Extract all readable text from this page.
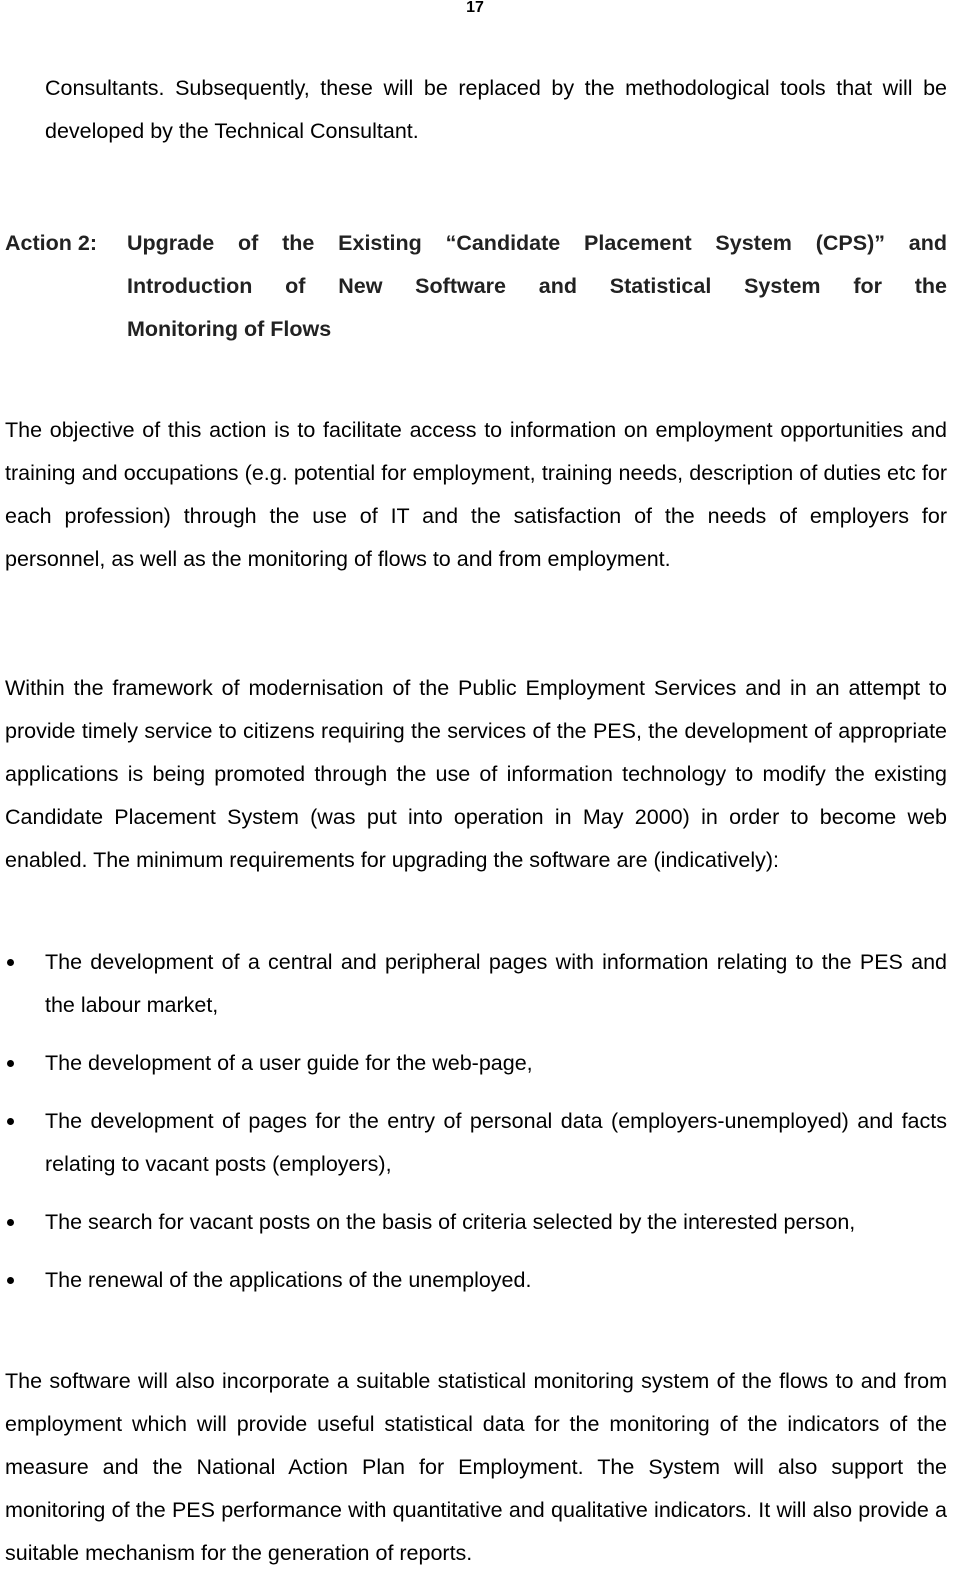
17

Consultants. Subsequently, these will be replaced by the methodological tools that will be developed by the Technical Consultant.

Action 2:	Upgrade of the Existing “Candidate Placement System (CPS)” and
Introduction of New Software and Statistical System for the
Monitoring of Flows

The objective of this action is to facilitate access to information on employment opportunities and training and occupations (e.g. potential for employment, training needs, description of duties etc for each profession) through the use of IT and the satisfaction of the needs of employers for personnel, as well as the monitoring of flows to and from employment.

Within the framework of modernisation of the Public Employment Services and in an attempt to provide timely service to citizens requiring the services of the PES, the development of appropriate applications is being promoted through the use of information technology to modify the existing Candidate Placement System (was put into operation in May 2000) in order to become web enabled. The minimum requirements for upgrading the software are (indicatively):

The development of a central and peripheral pages with information relating to the PES and the labour market,
The development of a user guide for the web-page,
The development of pages for the entry of personal data (employers-unemployed) and facts relating to vacant posts (employers),
The search for vacant posts on the basis of criteria selected by the interested person,
The renewal of the applications of the unemployed.

The software will also incorporate a suitable statistical monitoring system of the flows to and from employment which will provide useful statistical data for the monitoring of the indicators of the measure and the National Action Plan for Employment. The System will also support the monitoring of the PES performance with quantitative and qualitative indicators. It will also provide a suitable mechanism for the generation of reports.
